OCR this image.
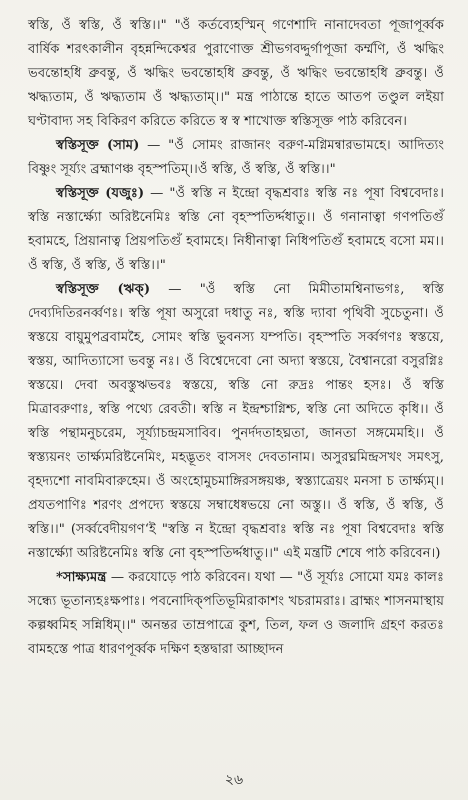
স্বস্তি, ওঁ স্বস্তি, ওঁ স্বস্তি।।" "ওঁ কর্তব্যেহস্মিন্ গণেশাদি নানাদেবতা পূজাপূর্ব্বক বার্ষিক শরৎকালীন বৃহন্নন্দিকেশ্বর পুরাণোক্ত শ্রীভগবদ্দুর্গাপূজা কর্ম্মণি, ওঁ ঋদ্ধিং ভবন্তোহধি ব্রুবন্তু, ওঁ ঋদ্ধিং ভবন্তোহধি ব্রুবন্তু, ওঁ ঋদ্ধিং ভবন্তোহধি ব্রুবন্তু। ওঁ ঋদ্ধ্যতাম, ওঁ ঋদ্ধ্যতাম ওঁ ঋদ্ধ্যতাম্।।" মন্ত্র পাঠান্তে হাতে আতপ তণ্ডুল লইয়া ঘণ্টাবাদ্য সহ বিকিরণ করিতে করিতে স্ব স্ব শাখোক্ত স্বস্তিসূক্ত পাঠ করিবেন।

স্বস্তিসূক্ত (সাম) — "ওঁ সোমং রাজানং বরুণ-মগ্নিমন্বারভামহে। আদিত্যং বিষ্ণুং সূর্য্যং ব্রহ্মাণঞ্চ বৃহস্পতিম্।।ওঁ স্বস্তি, ওঁ স্বস্তি, ওঁ স্বস্তি।।"

স্বস্তিসূক্ত (যজুঃ) — "ওঁ স্বস্তি ন ইন্দ্রো বৃদ্ধশ্রবাঃ স্বস্তি নঃ পূষা বিশ্ববেদাঃ। স্বস্তি নস্তার্ক্ষ্যো অরিষ্টনেমিঃ স্বস্তি নো বৃহস্পতির্দ্দধাতু।। ওঁ গনানাত্বা গণপতিগুঁ হবামহে, প্রিয়ানাত্ব প্রিয়পতিগুঁ হবামহে। নিধীনাত্বা নিধিপতিগুঁ হবামহে বসো মম।। ওঁ স্বস্তি, ওঁ স্বস্তি, ওঁ স্বস্তি।।"

স্বস্তিসূক্ত (ঋক্) — "ওঁ স্বস্তি নো মিমীতামশ্বিনাভগঃ, স্বস্তি দেব্যদিতিরনর্ব্বণঃ। স্বস্তি পূষা অসুরো দধাতু নঃ, স্বস্তি দ্যাবা পৃথিবী সুচেতুনা। ওঁ স্বস্তয়ে বায়ুমুপব্রবামহৈ, সোমং স্বস্তি ভুবনস্য যম্পতি। বৃহস্পতি সর্ব্বগণঃ স্বস্তয়ে, স্বস্তয়, আদিত্যাসো ভবন্তু নঃ। ওঁ বিশ্বেদেবো নো অদ্যা স্বস্তয়ে, বৈশ্বানরো বসুরগ্নিঃ স্বস্তয়ে। দেবা অবস্তুঋভবঃ স্বস্তয়ে, স্বস্তি নো রুদ্রঃ পান্তং হসঃ। ওঁ স্বস্তি মিত্রাবরুণাঃ, স্বস্তি পথ্যে রেবতী। স্বস্তি ন ইন্দ্রশ্চাগ্নিশ্চ, স্বস্তি নো অদিতে কৃধি।। ওঁ স্বস্তি পন্থামনুচরেম, সূর্য্যাচন্দ্রমসাবিব। পুনর্দদতাহঘ্নতা, জানতা সঙ্গমেমহি।। ওঁ স্বস্ত্যয়নং তার্ক্ষ্যমরিষ্টনেমিং, মহদ্ভূতং বাসসং দেবতানাম। অসুরঘ্নমিন্দ্রসখং সমৎসু, বৃহদ্যশো নাবমিবারুহেম। ওঁ অংহোমুচমাঙ্গিরসঙ্গয়ঞ্চ, স্বস্ত্যাত্রেয়ং মনসা চ তার্ক্ষ্যম্।। প্রযতপাণিঃ শরণং প্রপদ্যে স্বস্তয়ে সম্বাধেষ্বভয়ে নো অস্তু।। ওঁ স্বস্তি, ওঁ স্বস্তি, ওঁ স্বস্তি।।" (সর্ব্ববেদীয়গণ‘ই "স্বস্তি ন ইন্দ্রো বৃদ্ধশ্রবাঃ স্বস্তি নঃ পূষা বিশ্ববেদাঃ স্বস্তি নস্তার্ক্ষ্যো অরিষ্টনেমিঃ স্বস্তি নো বৃহস্পতির্দ্দধাতু।।" এই মন্ত্রটি শেষে পাঠ করিবেন।)

*সাক্ষ্যমন্ত্র — করযোড়ে পাঠ করিবেন। যথা — "ওঁ সূর্য্যঃ সোমো যমঃ কালঃ সন্ধ্যে ভূতান্যহঃক্ষপাঃ। পবনোদিক্‌পতিভূমিরাকাশং খচরামরাঃ। ব্রাহ্মং শাসনমাস্থায় কল্পধ্বমিহ সন্নিধিম্।।" অনন্তর তাম্রপাত্রে কুশ, তিল, ফল ও জলাদি গ্রহণ করতঃ বামহস্তে পাত্র ধারণপূর্ব্বক দক্ষিণ হস্তদ্বারা আচ্ছাদন

২৬
